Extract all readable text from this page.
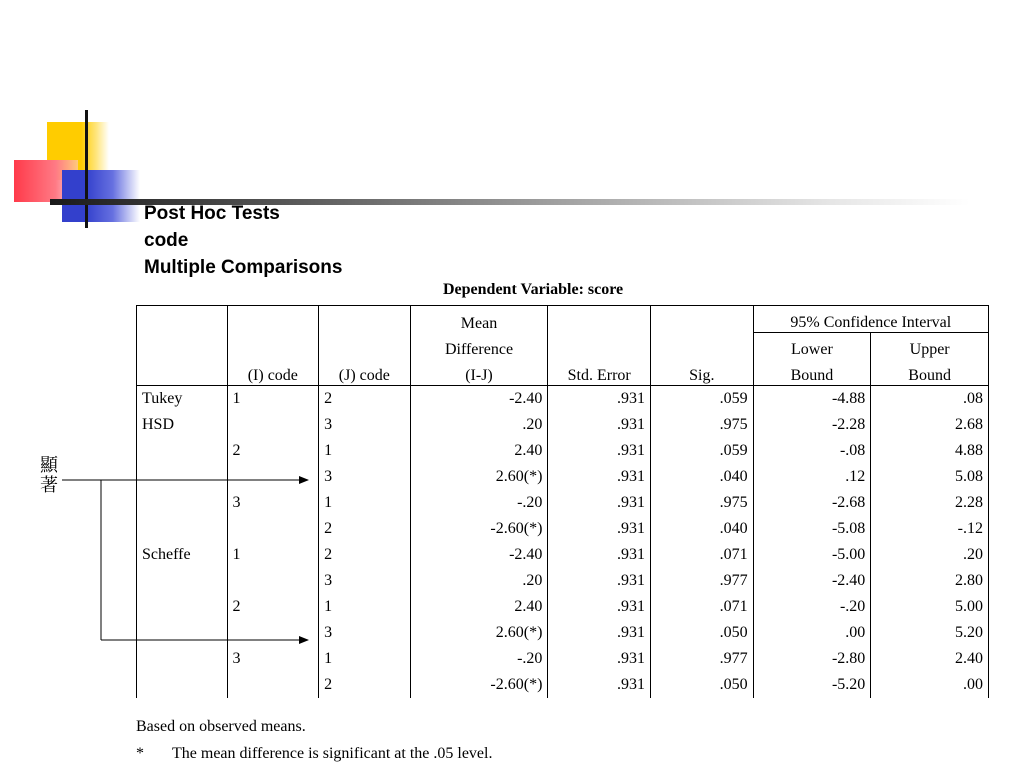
Post Hoc Tests
code
Multiple Comparisons
Dependent Variable: score
	(I) code	(J) code	Mean	Std. Error	Sig.	95% Confidence Interval	
			Difference			Lower	Upper
			(I-J)			Bound	Bound
Tukey	1	2	-2.40	.931	.059	-4.88	.08
HSD		3	.20	.931	.975	-2.28	2.68
	2	1	2.40	.931	.059	-.08	4.88
		3	2.60(*)	.931	.040	.12	5.08
	3	1	-.20	.931	.975	-2.68	2.28
		2	-2.60(*)	.931	.040	-5.08	-.12
Scheffe	1	2	-2.40	.931	.071	-5.00	.20
		3	.20	.931	.977	-2.40	2.80
	2	1	2.40	.931	.071	-.20	5.00
		3	2.60(*)	.931	.050	.00	5.20
	3	1	-.20	.931	.977	-2.80	2.40
		2	-2.60(*)	.931	.050	-5.20	.00
Based on observed means.
* The mean difference is significant at the .05 level.
顯
著
